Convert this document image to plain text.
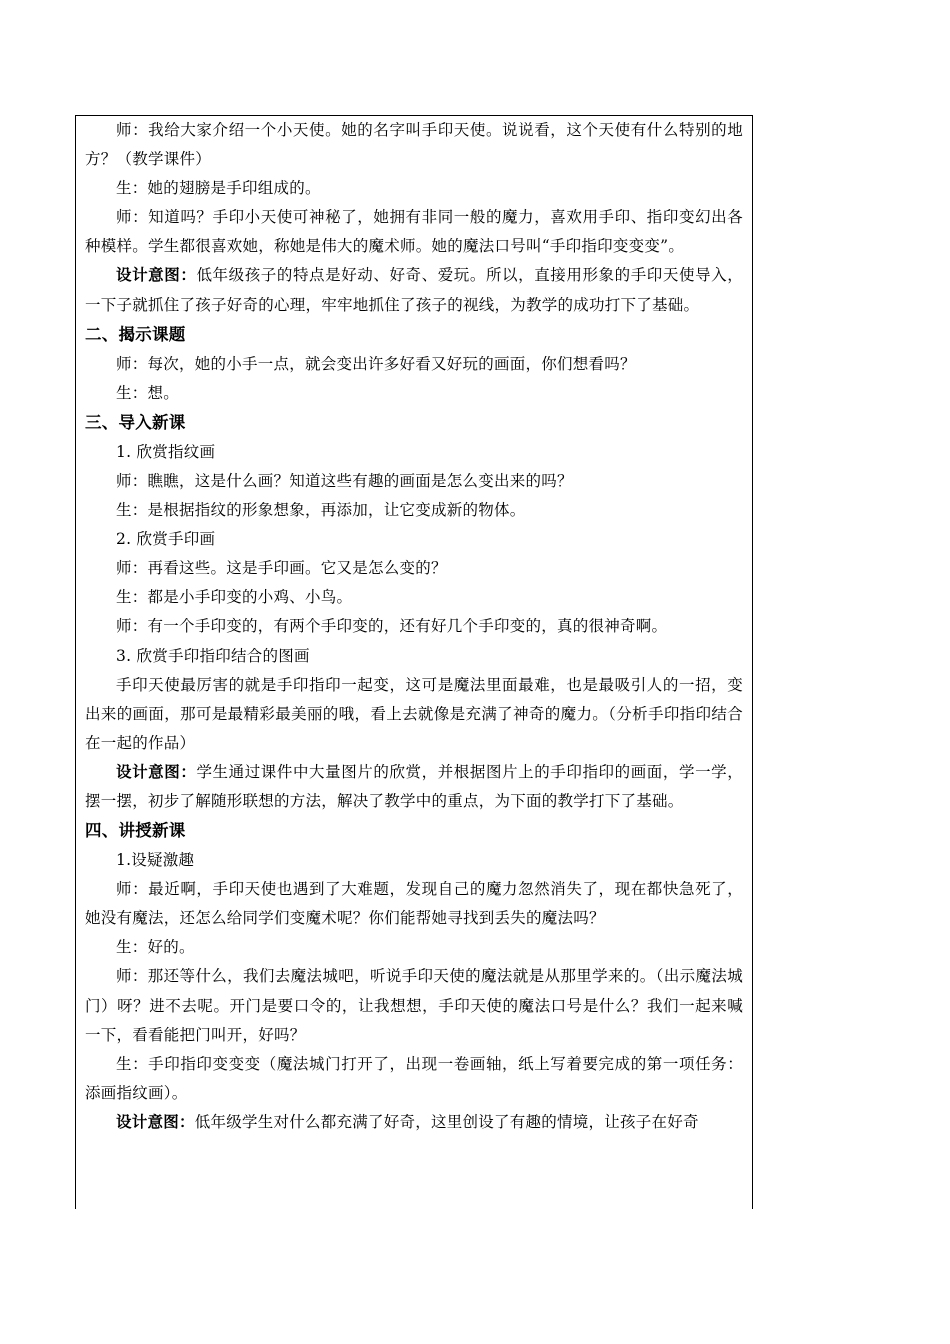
师：我给大家介绍一个小天使。她的名字叫手印天使。说说看，这个天使有什么特别的地方？（教学课件）
生：她的翅膀是手印组成的。
师：知道吗？手印小天使可神秘了，她拥有非同一般的魔力，喜欢用手印、指印变幻出各种模样。学生都很喜欢她，称她是伟大的魔术师。她的魔法口号叫“手印指印变变变”。
设计意图：低年级孩子的特点是好动、好奇、爱玩。所以，直接用形象的手印天使导入，一下子就抓住了孩子好奇的心理，牢牢地抓住了孩子的视线，为教学的成功打下了基础。
二、揭示课题
师：每次，她的小手一点，就会变出许多好看又好玩的画面，你们想看吗？
生：想。
三、导入新课
1. 欣赏指纹画
师：瞧瞧，这是什么画？知道这些有趣的画面是怎么变出来的吗？
生：是根据指纹的形象想象，再添加，让它变成新的物体。
2. 欣赏手印画
师：再看这些。这是手印画。它又是怎么变的？
生：都是小手印变的小鸡、小鸟。
师：有一个手印变的，有两个手印变的，还有好几个手印变的，真的很神奇啊。
3. 欣赏手印指印结合的图画
手印天使最厉害的就是手印指印一起变，这可是魔法里面最难，也是最吸引人的一招，变出来的画面，那可是最精彩最美丽的哦，看上去就像是充满了神奇的魔力。（分析手印指印结合在一起的作品）
设计意图：学生通过课件中大量图片的欣赏，并根据图片上的手印指印的画面，学一学，摆一摆，初步了解随形联想的方法，解决了教学中的重点，为下面的教学打下了基础。
四、讲授新课
1.设疑激趣
师：最近啊，手印天使也遇到了大难题，发现自己的魔力忽然消失了，现在都快急死了，她没有魔法，还怎么给同学们变魔术呢？你们能帮她寻找到丢失的魔法吗？
生：好的。
师：那还等什么，我们去魔法城吧，听说手印天使的魔法就是从那里学来的。（出示魔法城门）呀？进不去呢。开门是要口令的，让我想想，手印天使的魔法口号是什么？我们一起来喊一下，看看能把门叫开，好吗？
生：手印指印变变变（魔法城门打开了，出现一卷画轴，纸上写着要完成的第一项任务：添画指纹画）。
设计意图：低年级学生对什么都充满了好奇，这里创设了有趣的情境，让孩子在好奇
